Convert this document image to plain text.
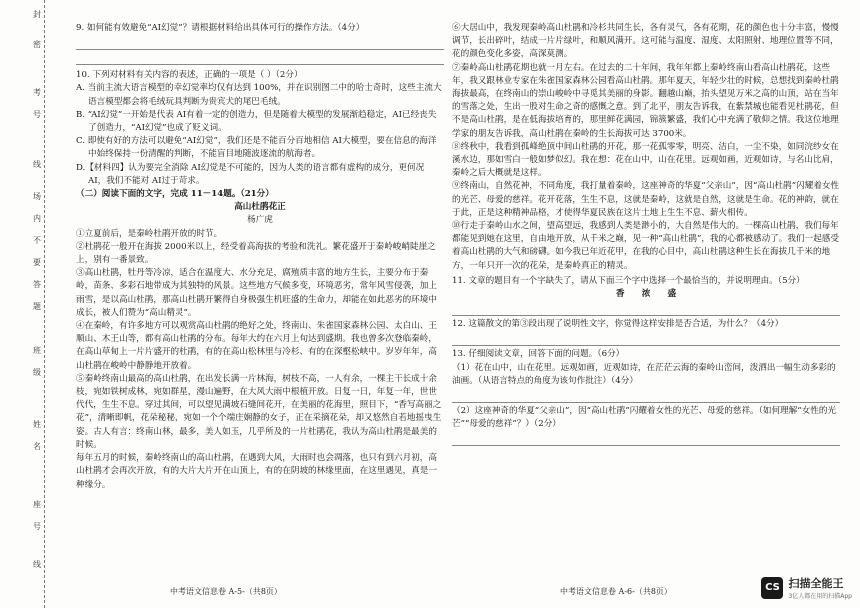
封
密
考
号
线
场
内
不
要
答
题
班
级
姓
名
座
号
线

9. 如何能有效避免“AI幻觉”？请根据材料给出具体可行的操作方法。（4分）

10. 下列对材料有关内容的表述，正确的一项是（ ）（2分）

A. 当前主流大语言模型的幸幻觉率均仅有达到 100%，并在识别图二中的哈士奇时，这些主流大语言模型都会将毛绒玩具判断为贵宾犬的尾巴毛绒。

B. “AI幻觉”一开始是代表 AI有着一定的创造力，但是随着大模型的发展渐趋稳定，AI已经丧失了创造力，“AI幻觉”也成了贬义词。

C. 即使有好的方法可以避免“AI幻觉”，我们还是不能百分百地相信 AI大模型，要在信息的海洋中始终保持一份清醒的判断，不能盲目地随波逐流的航海者。

D.【材料四】认为要完全消除 AI幻觉是不可能的，因为人类的语言都有虚构的成分，更何况 AI，我们不能对 AI过于苛求。

（二）阅读下面的文字，完成 11－14题。（21分）

高山杜鹃花正

杨广虎

①立夏前后，是秦岭杜鹃开放的时节。

②杜鹃花一般开在海拔 2000米以上，经受着高海拔的考验和洗礼。繁花盛开于秦岭峻峭陡崖之上，别有一番景致。

③高山杜鹃，牡丹等冷凉，适合在温度大、水分充足，腐殖质丰富的地方生长，主要分布于秦岭，苗条、多彩石地带成为其独特的风景。这些地方气候多变，环境恶劣，常年风雪侵袭，加上雨雪，是以高山杜鹃，那高山杜鹃开繁得自身极强生机旺盛的生命力，却能在如此恶劣的环境中成长，被人们赞为“高山精灵”。

④在秦岭，有许多地方可以观赏高山杜鹃的绝好之处，终南山、朱雀国家森林公园、太白山、王顺山、木王山等，都有高山杜鹃的分布。每年大约在六月上旬达到盛期。我也曾多次登临秦岭，在高山草甸上一片片盛开的杜鹃，有的在高山松林里与冷杉、有的在深壑松峡中。岁岁年年，高山杜鹃在峻岭中静静地开放着。

⑤秦岭终南山最高的高山杜鹃，在出发长满一片林海，树枝不高，一人有余，一棵主干长成十余枝，宛如铁树成林，宛如群星，漫山遍野，在大风大雨中根植开放。日复一日，年复一年，世世代代，生生不息。穿过其间，可以望见满坡石缝间花开，在美丽的花海里，照目下，“香写高丽之花”，清晰即帆，花朵秘秘，宛如一个个端庄娴静的女子，正在采摘花朵，却又悠然自若地摇曳生姿。古人有言：终南山林，最多，美人如玉，几乎所及的一片杜鹃花，我认为高山杜鹃是最美的时候。

每年五月的时候，秦岭终南山的高山杜鹃，在遇到大风，大雨时也会凋落，也只有到六月初，高山杜鹃才会再次开放，有的大片大片开在山顶上，有的在阴坡的林缘里面，在这里遇见，真是一种缘分。

⑥大居山中，我发现秦岭高山杜鹃和冷杉共同生长，各有灵气，各有花期，花的颜色也十分丰富，慢慢调节，长出碎叶，结成一片片绿叶，和顺风满开。这可能与温度、湿度、太阳照射、地理位置等不同，花的颜色变化多姿，高深莫测。

⑦秦岭高山杜鹃花期也就一月左右。在过去的二十年间，我年年都上秦岭终南山看高山杜鹃花，这些年，我又跟林业专家在朱雀国家森林公园看高山杜鹃。那年夏天，年轻少壮的时候，总想找到秦岭杜鹃海拔最高，在终南山的崇山峻岭中寻觅其美丽的身影。翻越山巅，抬头望见万米之高的山顶，站在当年的雪落之处，生出一股对生命之奇的感慨之意。到了北平，朋友告诉我，在紫禁城也能看见杜鹃花，但不是高山杜鹃，是在低海拔培育的，那里鲜花满园，锦簇繁盛，我们心中充满了敬仰之情。我这位地理学家的朋友告诉我，高山杜鹃在秦岭的生长海拔可达 3700米。

⑧终秋中，我看到孤峰绝顶中间山杜鹃的开花，那一花孤零零，明亮、洁白，一尘不染，如同浣纱女在溪水边，那如雪白一般如梦似幻。我在想：花在山中，山在花里。远观如画，近观如诗，与名山比肩，秦岭之后大概就是这样。

⑨终南山，自然花神，不同角度，我打量着秦岭，这座神奇的华夏“父亲山”，因“高山杜鹃”闪耀着女性的光芒、母爱的慈祥。花开花落，生生不息，这就是秦岭，这就是自然，这就是生命。花的神韵，就在于此，正是这种精神品格，才使得华夏民族在这片土地上生生不息、薪火相传。

⑩行走于秦岭山水之间，望高望远，我感到人类是渺小的，大自然是伟大的。一棵高山杜鹃，我们每年都能见到她在这里，自由地开放，从千米之巅，见一种“高山杜鹃”，我的心都被感动了。我们一起感受着高山杜鹃的大气和磅礴。如今我已年近花甲，在我的心目中，高山杜鹃这种生长在海拔几千米的地方，一年只开一次的花朵，是秦岭真正的精灵。

11. 文章的题目有一个字缺失了，请从下面三个字中选择一个最恰当的，并说明理由。（5分）

香　　浓　　盛

12. 这篇散文的第③段出现了说明性文字，你觉得这样安排是否合适，为什么？（4分）

13. 仔细阅读文章，回答下面的问题。（6分）

（1）花在山中，山在花里。远观如画，近观如诗，在茫茫云海的秦岭山峦间，泼洒出一幅生动多彩的油画。（从语言特点的角度为该句作批注）（4分）

（2）这座神奇的华夏“父亲山”，因“高山杜鹃”闪耀着女性的光芒、母爱的慈祥。（如何理解“女性的光芒”“母爱的慈祥”？）（2分）

中考语文信息卷 A-5-（共8页）	中考语文信息卷 A-6-（共8页）	CS 扫描全能王
3亿人都在用的扫描App
